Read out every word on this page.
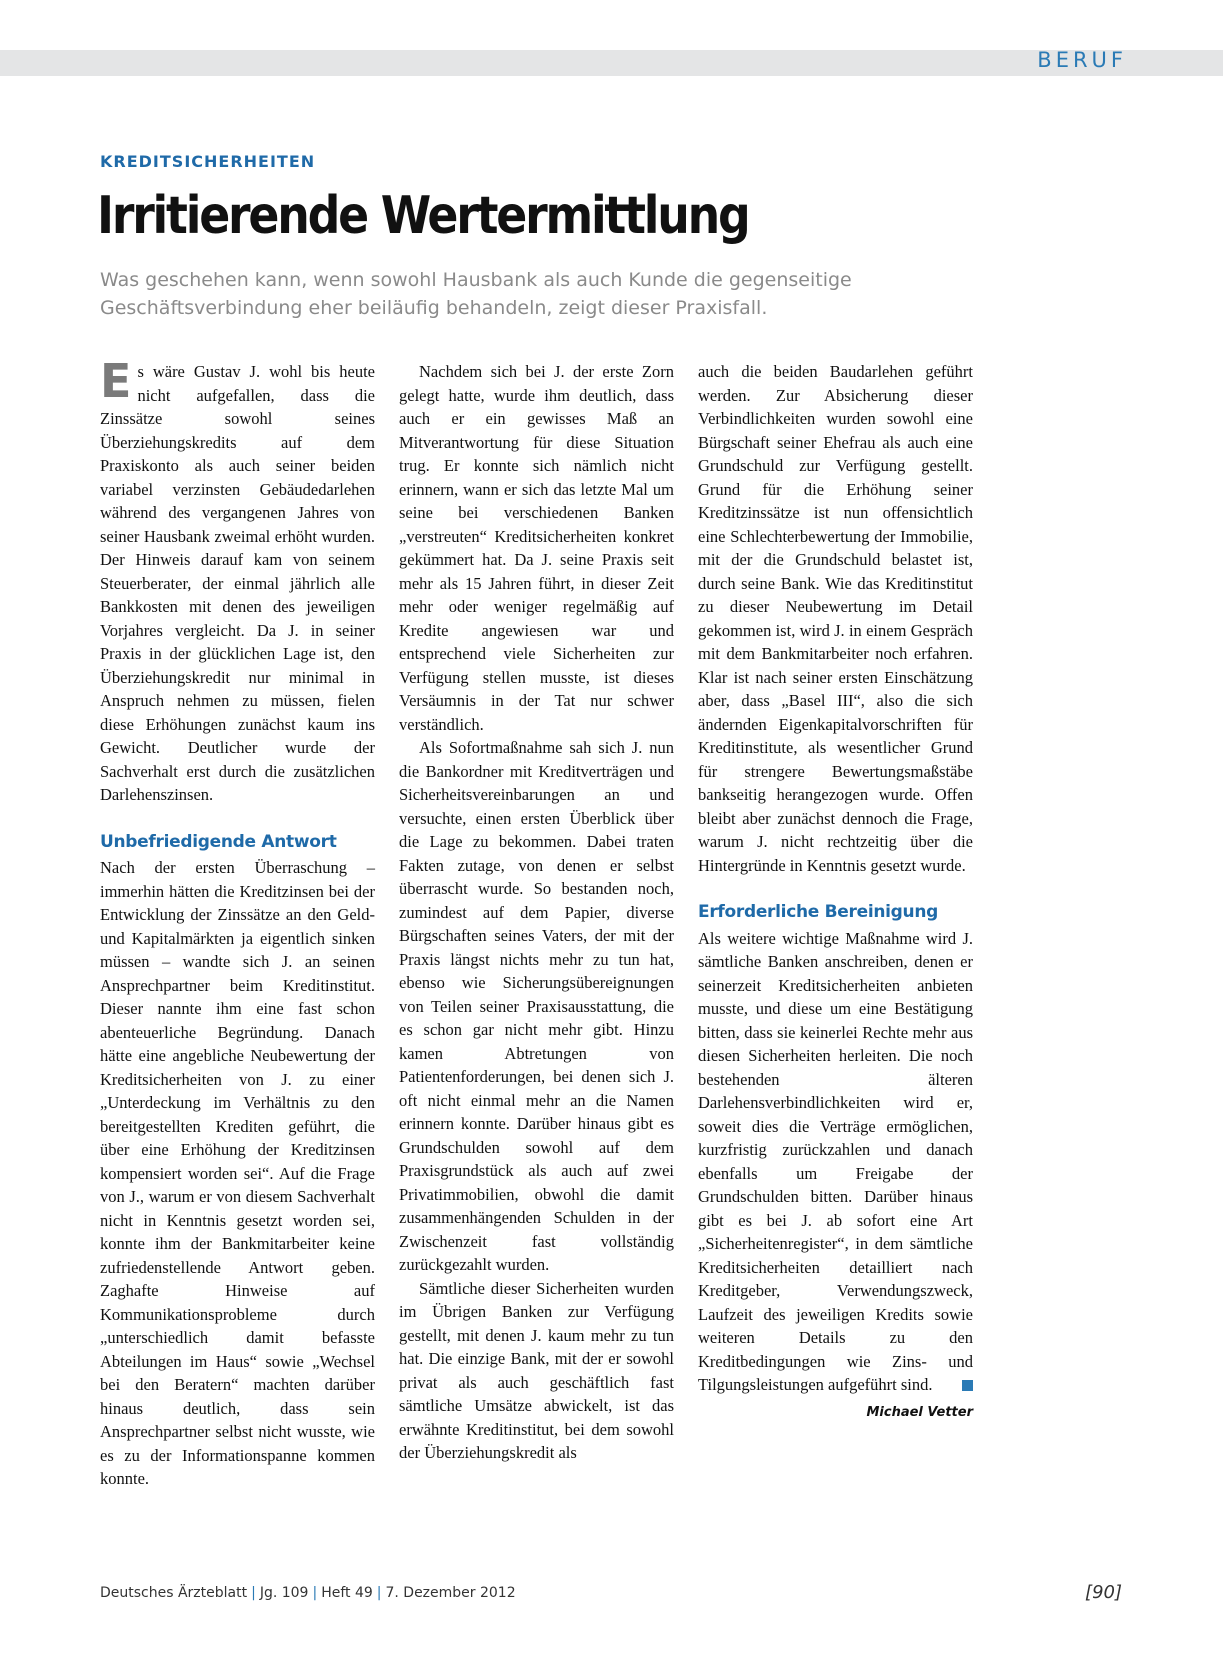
BERUF
KREDITSICHERHEITEN
Irritierende Wertermittlung
Was geschehen kann, wenn sowohl Hausbank als auch Kunde die gegenseitige Geschäftsverbindung eher beiläufig behandeln, zeigt dieser Praxisfall.

Es wäre Gustav J. wohl bis heute nicht aufgefallen, dass die Zinssätze sowohl seines Überziehungskredits auf dem Praxiskonto als auch seiner beiden variabel verzinsten Gebäudedarlehen während des vergangenen Jahres von seiner Hausbank zweimal erhöht wurden. Der Hinweis darauf kam von seinem Steuerberater, der einmal jährlich alle Bankkosten mit denen des jeweiligen Vorjahres vergleicht. Da J. in seiner Praxis in der glücklichen Lage ist, den Überziehungskredit nur minimal in Anspruch nehmen zu müssen, fielen diese Erhöhungen zunächst kaum ins Gewicht. Deutlicher wurde der Sachverhalt erst durch die zusätzlichen Darlehenszinsen.

Unbefriedigende Antwort

Nach der ersten Überraschung – immerhin hätten die Kreditzinsen bei der Entwicklung der Zinssätze an den Geld- und Kapitalmärkten ja eigentlich sinken müssen – wandte sich J. an seinen Ansprechpartner beim Kreditinstitut. Dieser nannte ihm eine fast schon abenteuerliche Begründung. Danach hätte eine angebliche Neubewertung der Kreditsicherheiten von J. zu einer „Unterdeckung im Verhältnis zu den bereitgestellten Krediten geführt, die über eine Erhöhung der Kreditzinsen kompensiert worden sei“. Auf die Frage von J., warum er von diesem Sachverhalt nicht in Kenntnis gesetzt worden sei, konnte ihm der Bankmitarbeiter keine zufriedenstellende Antwort geben. Zaghafte Hinweise auf Kommunikationsprobleme durch „unterschiedlich damit befasste Abteilungen im Haus“ sowie „Wechsel bei den Beratern“ machten darüber hinaus deutlich, dass sein Ansprechpartner selbst nicht wusste, wie es zu der Informationspanne kommen konnte.

Nachdem sich bei J. der erste Zorn gelegt hatte, wurde ihm deutlich, dass auch er ein gewisses Maß an Mitverantwortung für diese Situation trug. Er konnte sich nämlich nicht erinnern, wann er sich das letzte Mal um seine bei verschiedenen Banken „verstreuten“ Kreditsicherheiten konkret gekümmert hat. Da J. seine Praxis seit mehr als 15 Jahren führt, in dieser Zeit mehr oder weniger regelmäßig auf Kredite angewiesen war und entsprechend viele Sicherheiten zur Verfügung stellen musste, ist dieses Versäumnis in der Tat nur schwer verständlich.

Als Sofortmaßnahme sah sich J. nun die Bankordner mit Kreditverträgen und Sicherheitsvereinbarungen an und versuchte, einen ersten Überblick über die Lage zu bekommen. Dabei traten Fakten zutage, von denen er selbst überrascht wurde. So bestanden noch, zumindest auf dem Papier, diverse Bürgschaften seines Vaters, der mit der Praxis längst nichts mehr zu tun hat, ebenso wie Sicherungsübereignungen von Teilen seiner Praxisausstattung, die es schon gar nicht mehr gibt. Hinzu kamen Abtretungen von Patientenforderungen, bei denen sich J. oft nicht einmal mehr an die Namen erinnern konnte. Darüber hinaus gibt es Grundschulden sowohl auf dem Praxisgrundstück als auch auf zwei Privatimmobilien, obwohl die damit zusammenhängenden Schulden in der Zwischenzeit fast vollständig zurückgezahlt wurden.

Sämtliche dieser Sicherheiten wurden im Übrigen Banken zur Verfügung gestellt, mit denen J. kaum mehr zu tun hat. Die einzige Bank, mit der er sowohl privat als auch geschäftlich fast sämtliche Umsätze abwickelt, ist das erwähnte Kreditinstitut, bei dem sowohl der Überziehungskredit als

auch die beiden Baudarlehen geführt werden. Zur Absicherung dieser Verbindlichkeiten wurden sowohl eine Bürgschaft seiner Ehefrau als auch eine Grundschuld zur Verfügung gestellt. Grund für die Erhöhung seiner Kreditzinssätze ist nun offensichtlich eine Schlechterbewertung der Immobilie, mit der die Grundschuld belastet ist, durch seine Bank. Wie das Kreditinstitut zu dieser Neubewertung im Detail gekommen ist, wird J. in einem Gespräch mit dem Bankmitarbeiter noch erfahren. Klar ist nach seiner ersten Einschätzung aber, dass „Basel III“, also die sich ändernden Eigenkapitalvorschriften für Kreditinstitute, als wesentlicher Grund für strengere Bewertungsmaßstäbe bankseitig herangezogen wurde. Offen bleibt aber zunächst dennoch die Frage, warum J. nicht rechtzeitig über die Hintergründe in Kenntnis gesetzt wurde.

Erforderliche Bereinigung

Als weitere wichtige Maßnahme wird J. sämtliche Banken anschreiben, denen er seinerzeit Kreditsicherheiten anbieten musste, und diese um eine Bestätigung bitten, dass sie keinerlei Rechte mehr aus diesen Sicherheiten herleiten. Die noch bestehenden älteren Darlehensverbindlichkeiten wird er, soweit dies die Verträge ermöglichen, kurzfristig zurückzahlen und danach ebenfalls um Freigabe der Grundschulden bitten. Darüber hinaus gibt es bei J. ab sofort eine Art „Sicherheitenregister“, in dem sämtliche Kreditsicherheiten detailliert nach Kreditgeber, Verwendungszweck, Laufzeit des jeweiligen Kredits sowie weiteren Details zu den Kreditbedingungen wie Zins- und Tilgungsleistungen aufgeführt sind.

Michael Vetter
Deutsches Ärzteblatt | Jg. 109 | Heft 49 | 7. Dezember 2012	[90]
